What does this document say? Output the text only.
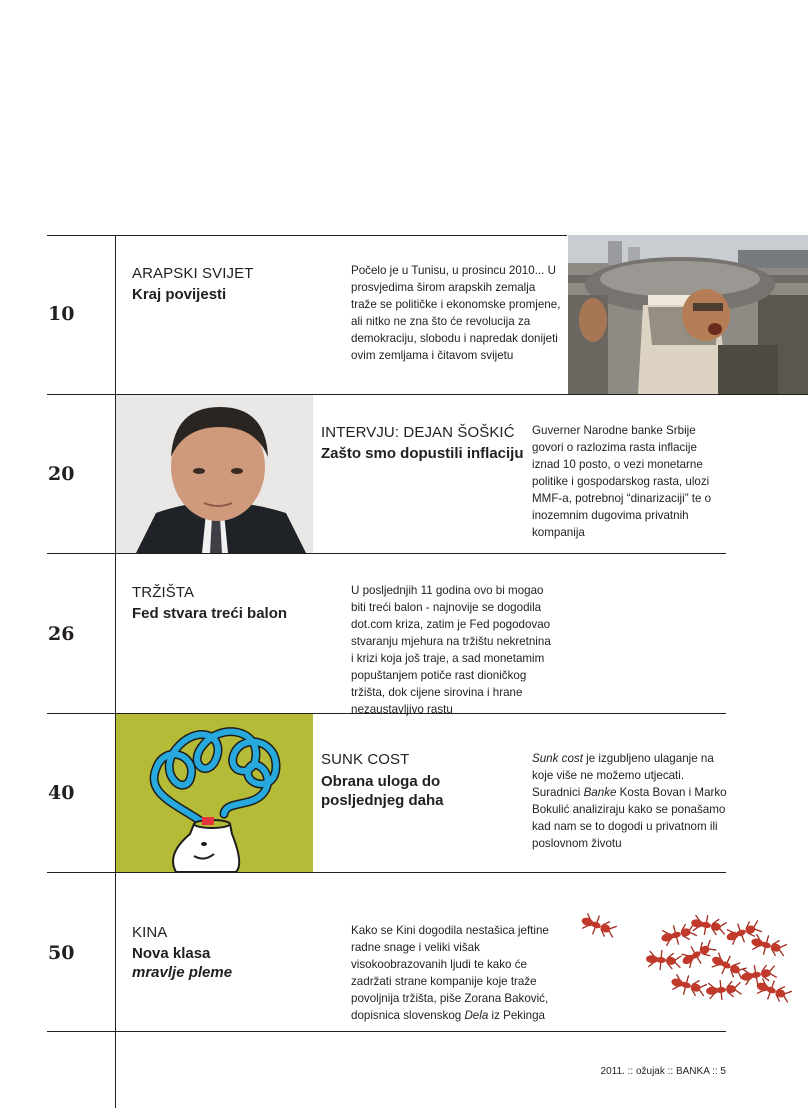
10
ARAPSKI SVIJET
Kraj povijesti
Počelo je u Tunisu, u prosincu 2010... U prosvjedima širom arapskih zemalja traže se političke i ekonomske promjene, ali nitko ne zna što će revolucija za demokraciju, slobodu i napredak donijeti ovim zemljama i čitavom svijetu
20
INTERVJU: DEJAN ŠOŠKIĆ
Zašto smo dopustili inflaciju
Guverner Narodne banke Srbije govori o razlozima rasta inflacije iznad 10 posto, o vezi monetarne politike i gospodarskog rasta, ulozi MMF-a, potrebnoj “dinarizaciji” te o inozemnim dugovima privatnih kompanija
26
TRŽIŠTA
Fed stvara treći balon
U posljednjih 11 godina ovo bi mogao biti treći balon - najnovije se dogodila dot.com kriza, zatim je Fed pogodovao stvaranju mjehura na tržištu nekretnina i krizi koja još traje, a sad monetamim popuštanjem potiče rast dioničkog tržišta, dok cijene sirovina i hrane nezaustavljivo rastu
40
SUNK COST
Obrana uloga do posljednjeg daha
Sunk cost je izgubljeno ulaganje na koje više ne možemo utjecati. Suradnici Banke Kosta Bovan i Marko Bokulić analiziraju kako se ponašamo kad nam se to dogodi u privatnom ili poslovnom životu
50
KINA
Nova klasa
mravlje pleme
Kako se Kini dogodila nestašica jeftine radne snage i veliki višak visokoobrazovanih ljudi te kako će zadržati strane kompanije koje traže povoljnija tržišta, piše Zorana Baković, dopisnica slovenskog Dela iz Pekinga
2011. :: ožujak :: BANKA :: 5
